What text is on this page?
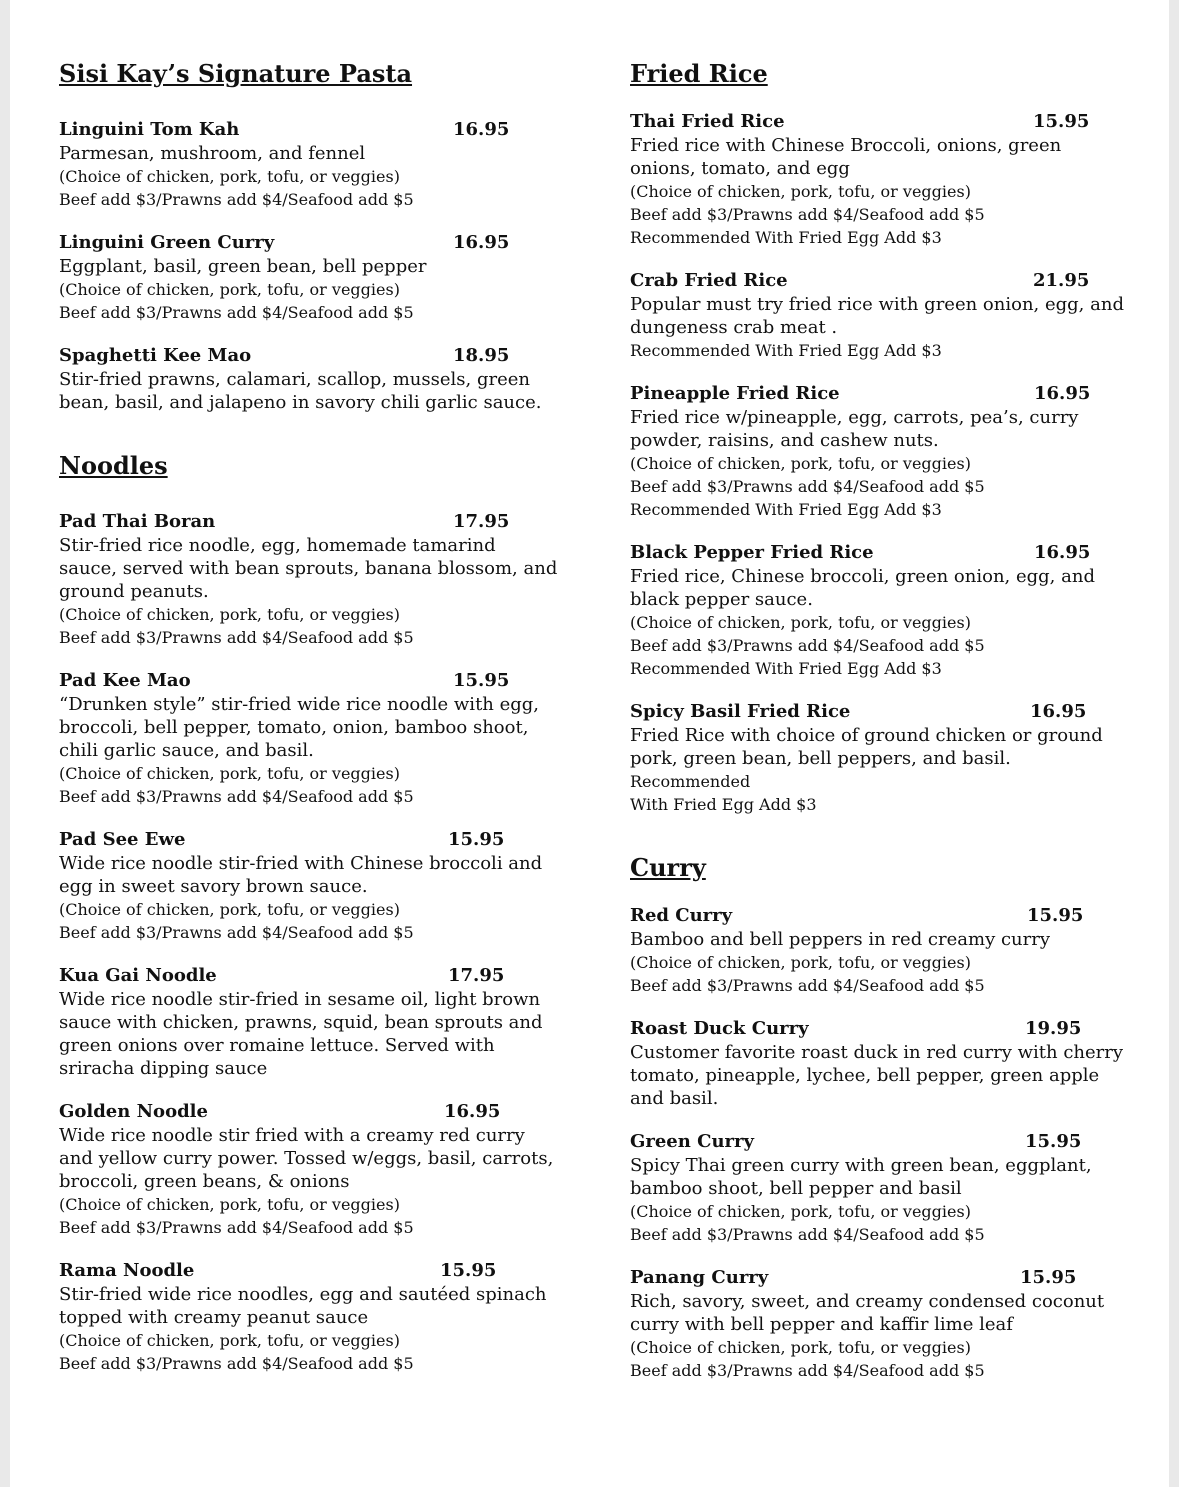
Sisi Kay’s Signature Pasta
Linguini Tom Kah	16.95
Parmesan, mushroom, and fennel
(Choice of chicken, pork, tofu, or veggies)
Beef add $3/Prawns add $4/Seafood add $5
Linguini Green Curry	16.95
Eggplant, basil, green bean, bell pepper
(Choice of chicken, pork, tofu, or veggies)
Beef add $3/Prawns add $4/Seafood add $5
Spaghetti Kee Mao	18.95
Stir-fried prawns, calamari, scallop, mussels, green bean, basil, and jalapeno in savory chili garlic sauce.
Noodles
Pad Thai Boran	17.95
Stir-fried rice noodle, egg, homemade tamarind sauce, served with bean sprouts, banana blossom, and ground peanuts.
(Choice of chicken, pork, tofu, or veggies)
Beef add $3/Prawns add $4/Seafood add $5
Pad Kee Mao	15.95
“Drunken style” stir-fried wide rice noodle with egg, broccoli, bell pepper, tomato, onion, bamboo shoot, chili garlic sauce, and basil.
(Choice of chicken, pork, tofu, or veggies)
Beef add $3/Prawns add $4/Seafood add $5
Pad See Ewe	15.95
Wide rice noodle stir-fried with Chinese broccoli and egg in sweet savory brown sauce.
(Choice of chicken, pork, tofu, or veggies)
Beef add $3/Prawns add $4/Seafood add $5
Kua Gai Noodle	17.95
Wide rice noodle stir-fried in sesame oil, light brown sauce with chicken, prawns, squid, bean sprouts and green onions over romaine lettuce. Served with sriracha dipping sauce
Golden Noodle	16.95
Wide rice noodle stir fried with a creamy red curry and yellow curry power. Tossed w/eggs, basil, carrots, broccoli, green beans, & onions
(Choice of chicken, pork, tofu, or veggies)
Beef add $3/Prawns add $4/Seafood add $5
Rama Noodle	15.95
Stir-fried wide rice noodles, egg and sautéed spinach topped with creamy peanut sauce
(Choice of chicken, pork, tofu, or veggies)
Beef add $3/Prawns add $4/Seafood add $5
Fried Rice
Thai Fried Rice	15.95
Fried rice with Chinese Broccoli, onions, green onions, tomato, and egg
(Choice of chicken, pork, tofu, or veggies)
Beef add $3/Prawns add $4/Seafood add $5
Recommended With Fried Egg Add $3
Crab Fried Rice	21.95
Popular must try fried rice with green onion, egg, and dungeness crab meat .
Recommended With Fried Egg Add $3
Pineapple Fried Rice	16.95
Fried rice w/pineapple, egg, carrots, pea’s, curry powder, raisins, and cashew nuts.
(Choice of chicken, pork, tofu, or veggies)
Beef add $3/Prawns add $4/Seafood add $5
Recommended With Fried Egg Add $3
Black Pepper Fried Rice	16.95
Fried rice, Chinese broccoli, green onion, egg, and black pepper sauce.
(Choice of chicken, pork, tofu, or veggies)
Beef add $3/Prawns add $4/Seafood add $5
Recommended With Fried Egg Add $3
Spicy Basil Fried Rice	16.95
Fried Rice with choice of ground chicken or ground pork, green bean, bell peppers, and basil. Recommended
With Fried Egg Add $3
Curry
Red Curry	15.95
Bamboo and bell peppers in red creamy curry
(Choice of chicken, pork, tofu, or veggies)
Beef add $3/Prawns add $4/Seafood add $5
Roast Duck Curry	19.95
Customer favorite roast duck in red curry with cherry tomato, pineapple, lychee, bell pepper, green apple and basil.
Green Curry	15.95
Spicy Thai green curry with green bean, eggplant, bamboo shoot, bell pepper and basil
(Choice of chicken, pork, tofu, or veggies)
Beef add $3/Prawns add $4/Seafood add $5
Panang Curry	15.95
Rich, savory, sweet, and creamy condensed coconut curry with bell pepper and kaffir lime leaf
(Choice of chicken, pork, tofu, or veggies)
Beef add $3/Prawns add $4/Seafood add $5
